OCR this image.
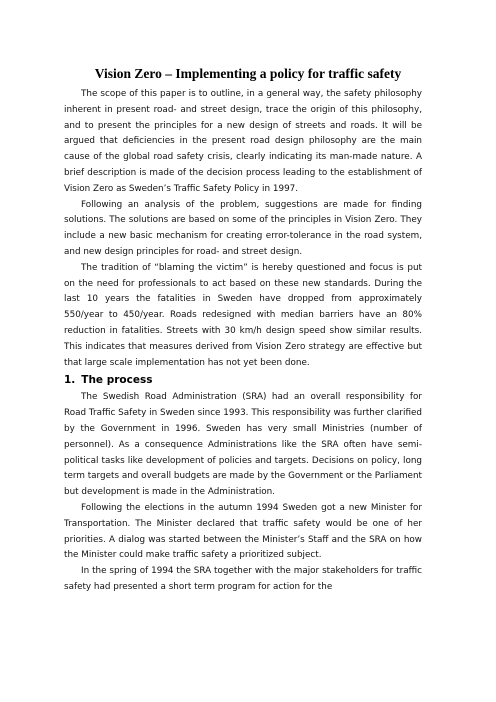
Vision Zero – Implementing a policy for traffic safety

The scope of this paper is to outline, in a general way, the safety philosophy inherent in present road- and street design, trace the origin of this philosophy, and to present the principles for a new design of streets and roads. It will be argued that deficiencies in the present road design philosophy are the main cause of the global road safety crisis, clearly indicating its man-made nature. A brief description is made of the decision process leading to the establishment of Vision Zero as Sweden’s Traffic Safety Policy in 1997.

Following an analysis of the problem, suggestions are made for finding solutions. The solutions are based on some of the principles in Vision Zero. They include a new basic mechanism for creating error-tolerance in the road system, and new design principles for road- and street design.

The tradition of “blaming the victim” is hereby questioned and focus is put on the need for professionals to act based on these new standards. During the last 10 years the fatalities in Sweden have dropped from approximately 550/year to 450/year. Roads redesigned with median barriers have an 80% reduction in fatalities. Streets with 30 km/h design speed show similar results. This indicates that measures derived from Vision Zero strategy are effective but that large scale implementation has not yet been done.

1. The process

The Swedish Road Administration (SRA) had an overall responsibility for Road Traffic Safety in Sweden since 1993. This responsibility was further clarified by the Government in 1996. Sweden has very small Ministries (number of personnel). As a consequence Administrations like the SRA often have semi-political tasks like development of policies and targets. Decisions on policy, long term targets and overall budgets are made by the Government or the Parliament but development is made in the Administration.

Following the elections in the autumn 1994 Sweden got a new Minister for Transportation. The Minister declared that traffic safety would be one of her priorities. A dialog was started between the Minister’s Staff and the SRA on how the Minister could make traffic safety a prioritized subject.

In the spring of 1994 the SRA together with the major stakeholders for traffic safety had presented a short term program for action for the
